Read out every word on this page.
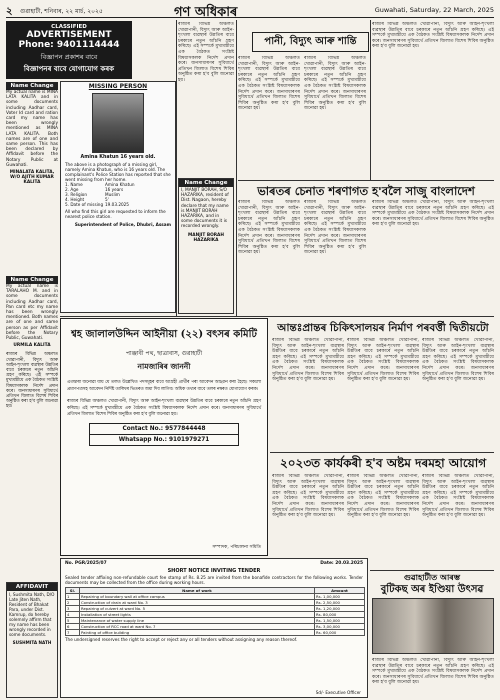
২ গুৱাহাটী, শনিবাৰ, ২২ মাৰ্চ, ২০২৫	গণ অধিকাৰ	Guwahati, Saturday, 22 March, 2025
CLASSIFIED
ADVERTISEMENT
Phone: 9401114444
বিজ্ঞাপন প্ৰকাশৰ বাবে
বিজ্ঞাপনৰ বাবে যোগাযোগ কৰক
Name Change
My actual name is MINA LATA KALITA and in some documents including Aadhar card, Voter Id card and ration card my name has been wrongly mentioned as MINA LATA KALITA. Both names are of one and same person. This has been declared by Affidavit before the Notary Public at Guwahati.
MINALATA KALITA, W/O AJITH KUMAR KALITA
Name Change
My actual name is TARALAHO M. and in some documents including Aadhar card, Pan card etc my name has been wrongly mentioned. Both names are of one and same person as per Affidavit before the Notary Public, Guwahati.
URMILA KALITA
ৰাজ্যৰ বিভিন্ন অঞ্চলত খোৱাপানী, বিদ্যুৎ আৰু আইন-শৃংখলা ব্যৱস্থাৰ উন্নতিৰ বাবে চৰকাৰে নতুন আঁচনি গ্ৰহণ কৰিছে। এই সম্পৰ্কে মুখ্যমন্ত্ৰীয়ে এক বৈঠকত সংশ্লিষ্ট বিষয়াসকলক নিৰ্দেশ প্ৰদান কৰে। জনসাধাৰণৰ সুবিধাৰ্থে প্ৰতিখন জিলাত বিশেষ শিবিৰ অনুষ্ঠিত কৰা হ'ব বুলি জনোৱা হয়।
MISSING PERSON
Amina Khatun 16 years old.
The above is a photograph of a missing girl, namely Amina Khatun, who is 16 years old. The complainant's Police Station has reported that she went missing from her home.
1. Name	Amina Khatun
2. Age	16 years
3. Religion	Muslim
4. Height	5'
5. Date of missing 19.03.2025
All who find this girl are requested to inform the nearest police station.
Superintendent of Police, Dhubri, Assam
ৰাজ্যৰ বিভিন্ন অঞ্চলত খোৱাপানী, বিদ্যুৎ আৰু আইন-শৃংখলা ব্যৱস্থাৰ উন্নতিৰ বাবে চৰকাৰে নতুন আঁচনি গ্ৰহণ কৰিছে। এই সম্পৰ্কে মুখ্যমন্ত্ৰীয়ে এক বৈঠকত সংশ্লিষ্ট বিষয়াসকলক নিৰ্দেশ প্ৰদান কৰে। জনসাধাৰণৰ সুবিধাৰ্থে প্ৰতিখন জিলাত বিশেষ শিবিৰ অনুষ্ঠিত কৰা হ'ব বুলি জনোৱা হয়।
Name Change
I, MANJIT BORAH, S/O HAZARIKA, resident of Dist. Nagaon, hereby declare that my name is MANJIT BORAH HAZARIKA, and in some documents it is recorded wrongly.
MANJIT BORAH HAZARIKA
পানী, বিদ্যুৎ আৰু শান্তি
ৰাজ্যৰ বিভিন্ন অঞ্চলত খোৱাপানী, বিদ্যুৎ আৰু আইন-শৃংখলা ব্যৱস্থাৰ উন্নতিৰ বাবে চৰকাৰে নতুন আঁচনি গ্ৰহণ কৰিছে। এই সম্পৰ্কে মুখ্যমন্ত্ৰীয়ে এক বৈঠকত সংশ্লিষ্ট বিষয়াসকলক নিৰ্দেশ প্ৰদান কৰে। জনসাধাৰণৰ সুবিধাৰ্থে প্ৰতিখন জিলাত বিশেষ শিবিৰ অনুষ্ঠিত কৰা হ'ব বুলি জনোৱা হয়।
ৰাজ্যৰ বিভিন্ন অঞ্চলত খোৱাপানী, বিদ্যুৎ আৰু আইন-শৃংখলা ব্যৱস্থাৰ উন্নতিৰ বাবে চৰকাৰে নতুন আঁচনি গ্ৰহণ কৰিছে। এই সম্পৰ্কে মুখ্যমন্ত্ৰীয়ে এক বৈঠকত সংশ্লিষ্ট বিষয়াসকলক নিৰ্দেশ প্ৰদান কৰে। জনসাধাৰণৰ সুবিধাৰ্থে প্ৰতিখন জিলাত বিশেষ শিবিৰ অনুষ্ঠিত কৰা হ'ব বুলি জনোৱা হয়।
ৰাজ্যৰ বিভিন্ন অঞ্চলত খোৱাপানী, বিদ্যুৎ আৰু আইন-শৃংখলা ব্যৱস্থাৰ উন্নতিৰ বাবে চৰকাৰে নতুন আঁচনি গ্ৰহণ কৰিছে। এই সম্পৰ্কে মুখ্যমন্ত্ৰীয়ে এক বৈঠকত সংশ্লিষ্ট বিষয়াসকলক নিৰ্দেশ প্ৰদান কৰে। জনসাধাৰণৰ সুবিধাৰ্থে প্ৰতিখন জিলাত বিশেষ শিবিৰ অনুষ্ঠিত কৰা হ'ব বুলি জনোৱা হয়।
ভাৰতৰ চেনাত শৰণাগত হ'বলৈ সাজু বাংলাদেশ
ৰাজ্যৰ বিভিন্ন অঞ্চলত খোৱাপানী, বিদ্যুৎ আৰু আইন-শৃংখলা ব্যৱস্থাৰ উন্নতিৰ বাবে চৰকাৰে নতুন আঁচনি গ্ৰহণ কৰিছে। এই সম্পৰ্কে মুখ্যমন্ত্ৰীয়ে এক বৈঠকত সংশ্লিষ্ট বিষয়াসকলক নিৰ্দেশ প্ৰদান কৰে। জনসাধাৰণৰ সুবিধাৰ্থে প্ৰতিখন জিলাত বিশেষ শিবিৰ অনুষ্ঠিত কৰা হ'ব বুলি জনোৱা হয়।
ৰাজ্যৰ বিভিন্ন অঞ্চলত খোৱাপানী, বিদ্যুৎ আৰু আইন-শৃংখলা ব্যৱস্থাৰ উন্নতিৰ বাবে চৰকাৰে নতুন আঁচনি গ্ৰহণ কৰিছে। এই সম্পৰ্কে মুখ্যমন্ত্ৰীয়ে এক বৈঠকত সংশ্লিষ্ট বিষয়াসকলক নিৰ্দেশ প্ৰদান কৰে। জনসাধাৰণৰ সুবিধাৰ্থে প্ৰতিখন জিলাত বিশেষ শিবিৰ অনুষ্ঠিত কৰা হ'ব বুলি জনোৱা হয়।
ৰাজ্যৰ বিভিন্ন অঞ্চলত খোৱাপানী, বিদ্যুৎ আৰু আইন-শৃংখলা ব্যৱস্থাৰ উন্নতিৰ বাবে চৰকাৰে নতুন আঁচনি গ্ৰহণ কৰিছে। এই সম্পৰ্কে মুখ্যমন্ত্ৰীয়ে এক বৈঠকত সংশ্লিষ্ট বিষয়াসকলক নিৰ্দেশ প্ৰদান কৰে। জনসাধাৰণৰ সুবিধাৰ্থে প্ৰতিখন জিলাত বিশেষ শিবিৰ অনুষ্ঠিত কৰা হ'ব বুলি জনোৱা হয়।
শ্বহ জালালউদ্দিন আইনীয়া (২২) বৎসৰ কমিটি
পাঞ্জাবী পথ, ছাত্ৰাবাস, গুৱাহাটী
নামজাৰিৰ জাননী
এতদ্বাৰা জনোৱা যায় যে তলত উল্লেখিত পদসমূহৰ বাবে আগ্ৰহী প্ৰাৰ্থীৰ পৰা আবেদন আহ্বান কৰা হৈছে। সকলো প্ৰমাণপত্ৰসহ আবেদন নিৰ্দিষ্ট তাৰিখৰ ভিতৰত জমা দিব লাগিব। অধিক তথ্যৰ বাবে তলৰ নম্বৰত যোগাযোগ কৰক।
ৰাজ্যৰ বিভিন্ন অঞ্চলত খোৱাপানী, বিদ্যুৎ আৰু আইন-শৃংখলা ব্যৱস্থাৰ উন্নতিৰ বাবে চৰকাৰে নতুন আঁচনি গ্ৰহণ কৰিছে। এই সম্পৰ্কে মুখ্যমন্ত্ৰীয়ে এক বৈঠকত সংশ্লিষ্ট বিষয়াসকলক নিৰ্দেশ প্ৰদান কৰে। জনসাধাৰণৰ সুবিধাৰ্থে প্ৰতিখন জিলাত বিশেষ শিবিৰ অনুষ্ঠিত কৰা হ'ব বুলি জনোৱা হয়।
Contact No.: 9577844448
Whatsapp No.: 9101979271
সম্পাদক, পৰিচালনা সমিতি
আন্তঃপ্ৰান্তৰ চিকিৎসালয়ৰ নিৰ্মাণ পৰবৰ্ত্তী দ্বিতীয়টো
ৰাজ্যৰ বিভিন্ন অঞ্চলত খোৱাপানী, বিদ্যুৎ আৰু আইন-শৃংখলা ব্যৱস্থাৰ উন্নতিৰ বাবে চৰকাৰে নতুন আঁচনি গ্ৰহণ কৰিছে। এই সম্পৰ্কে মুখ্যমন্ত্ৰীয়ে এক বৈঠকত সংশ্লিষ্ট বিষয়াসকলক নিৰ্দেশ প্ৰদান কৰে। জনসাধাৰণৰ সুবিধাৰ্থে প্ৰতিখন জিলাত বিশেষ শিবিৰ অনুষ্ঠিত কৰা হ'ব বুলি জনোৱা হয়।
ৰাজ্যৰ বিভিন্ন অঞ্চলত খোৱাপানী, বিদ্যুৎ আৰু আইন-শৃংখলা ব্যৱস্থাৰ উন্নতিৰ বাবে চৰকাৰে নতুন আঁচনি গ্ৰহণ কৰিছে। এই সম্পৰ্কে মুখ্যমন্ত্ৰীয়ে এক বৈঠকত সংশ্লিষ্ট বিষয়াসকলক নিৰ্দেশ প্ৰদান কৰে। জনসাধাৰণৰ সুবিধাৰ্থে প্ৰতিখন জিলাত বিশেষ শিবিৰ অনুষ্ঠিত কৰা হ'ব বুলি জনোৱা হয়।
ৰাজ্যৰ বিভিন্ন অঞ্চলত খোৱাপানী, বিদ্যুৎ আৰু আইন-শৃংখলা ব্যৱস্থাৰ উন্নতিৰ বাবে চৰকাৰে নতুন আঁচনি গ্ৰহণ কৰিছে। এই সম্পৰ্কে মুখ্যমন্ত্ৰীয়ে এক বৈঠকত সংশ্লিষ্ট বিষয়াসকলক নিৰ্দেশ প্ৰদান কৰে। জনসাধাৰণৰ সুবিধাৰ্থে প্ৰতিখন জিলাত বিশেষ শিবিৰ অনুষ্ঠিত কৰা হ'ব বুলি জনোৱা হয়।
২০২৩ত কাৰ্যকৰী হ'ব অষ্টম দৰমহা আয়োগ
ৰাজ্যৰ বিভিন্ন অঞ্চলত খোৱাপানী, বিদ্যুৎ আৰু আইন-শৃংখলা ব্যৱস্থাৰ উন্নতিৰ বাবে চৰকাৰে নতুন আঁচনি গ্ৰহণ কৰিছে। এই সম্পৰ্কে মুখ্যমন্ত্ৰীয়ে এক বৈঠকত সংশ্লিষ্ট বিষয়াসকলক নিৰ্দেশ প্ৰদান কৰে। জনসাধাৰণৰ সুবিধাৰ্থে প্ৰতিখন জিলাত বিশেষ শিবিৰ অনুষ্ঠিত কৰা হ'ব বুলি জনোৱা হয়।
ৰাজ্যৰ বিভিন্ন অঞ্চলত খোৱাপানী, বিদ্যুৎ আৰু আইন-শৃংখলা ব্যৱস্থাৰ উন্নতিৰ বাবে চৰকাৰে নতুন আঁচনি গ্ৰহণ কৰিছে। এই সম্পৰ্কে মুখ্যমন্ত্ৰীয়ে এক বৈঠকত সংশ্লিষ্ট বিষয়াসকলক নিৰ্দেশ প্ৰদান কৰে। জনসাধাৰণৰ সুবিধাৰ্থে প্ৰতিখন জিলাত বিশেষ শিবিৰ অনুষ্ঠিত কৰা হ'ব বুলি জনোৱা হয়।
ৰাজ্যৰ বিভিন্ন অঞ্চলত খোৱাপানী, বিদ্যুৎ আৰু আইন-শৃংখলা ব্যৱস্থাৰ উন্নতিৰ বাবে চৰকাৰে নতুন আঁচনি গ্ৰহণ কৰিছে। এই সম্পৰ্কে মুখ্যমন্ত্ৰীয়ে এক বৈঠকত সংশ্লিষ্ট বিষয়াসকলক নিৰ্দেশ প্ৰদান কৰে। জনসাধাৰণৰ সুবিধাৰ্থে প্ৰতিখন জিলাত বিশেষ শিবিৰ অনুষ্ঠিত কৰা হ'ব বুলি জনোৱা হয়।
গুৱাহাটীত আৰম্ভ
বুটিকছ অৰ ইণ্ডিয়া উৎসৱ
ৰাজ্যৰ বিভিন্ন অঞ্চলত খোৱাপানী, বিদ্যুৎ আৰু আইন-শৃংখলা ব্যৱস্থাৰ উন্নতিৰ বাবে চৰকাৰে নতুন আঁচনি গ্ৰহণ কৰিছে। এই সম্পৰ্কে মুখ্যমন্ত্ৰীয়ে এক বৈঠকত সংশ্লিষ্ট বিষয়াসকলক নিৰ্দেশ প্ৰদান কৰে। জনসাধাৰণৰ সুবিধাৰ্থে প্ৰতিখন জিলাত বিশেষ শিবিৰ অনুষ্ঠিত কৰা হ'ব বুলি জনোৱা হয়।
AFFIDAVIT
I, Sushmita Nath, D/O Late Jiten Nath, Resident of Bhakat Para, under Dist. Kamrup, do hereby solemnly affirm that my name has been wrongly recorded in some documents.
SUSHMITA NATH
No. PGR/2025/07	Date: 20.03.2025
SHORT NOTICE INVITING TENDER
Sealed tender affixing non-refundable court fee stamp of Rs. 8.25 are invited from the bonafide contractors for the following works. Tender documents may be collected from the office during working hours.
Sl.	Name of work	Amount
1	Repairing of boundary wall at office campus	Rs. 1,00,000
2	Construction of drain at ward No. 3	Rs. 2,50,000
3	Repairing of culvert at ward No. 5	Rs. 1,20,000
4	Installation of street lights	Rs. 80,000
5	Maintenance of water supply line	Rs. 1,50,000
6	Construction of RCC road at ward No. 7	Rs. 3,00,000
7	Painting of office building	Rs. 60,000
The undersigned reserves the right to accept or reject any or all tenders without assigning any reason thereof.
Sd/- Executive Officer
